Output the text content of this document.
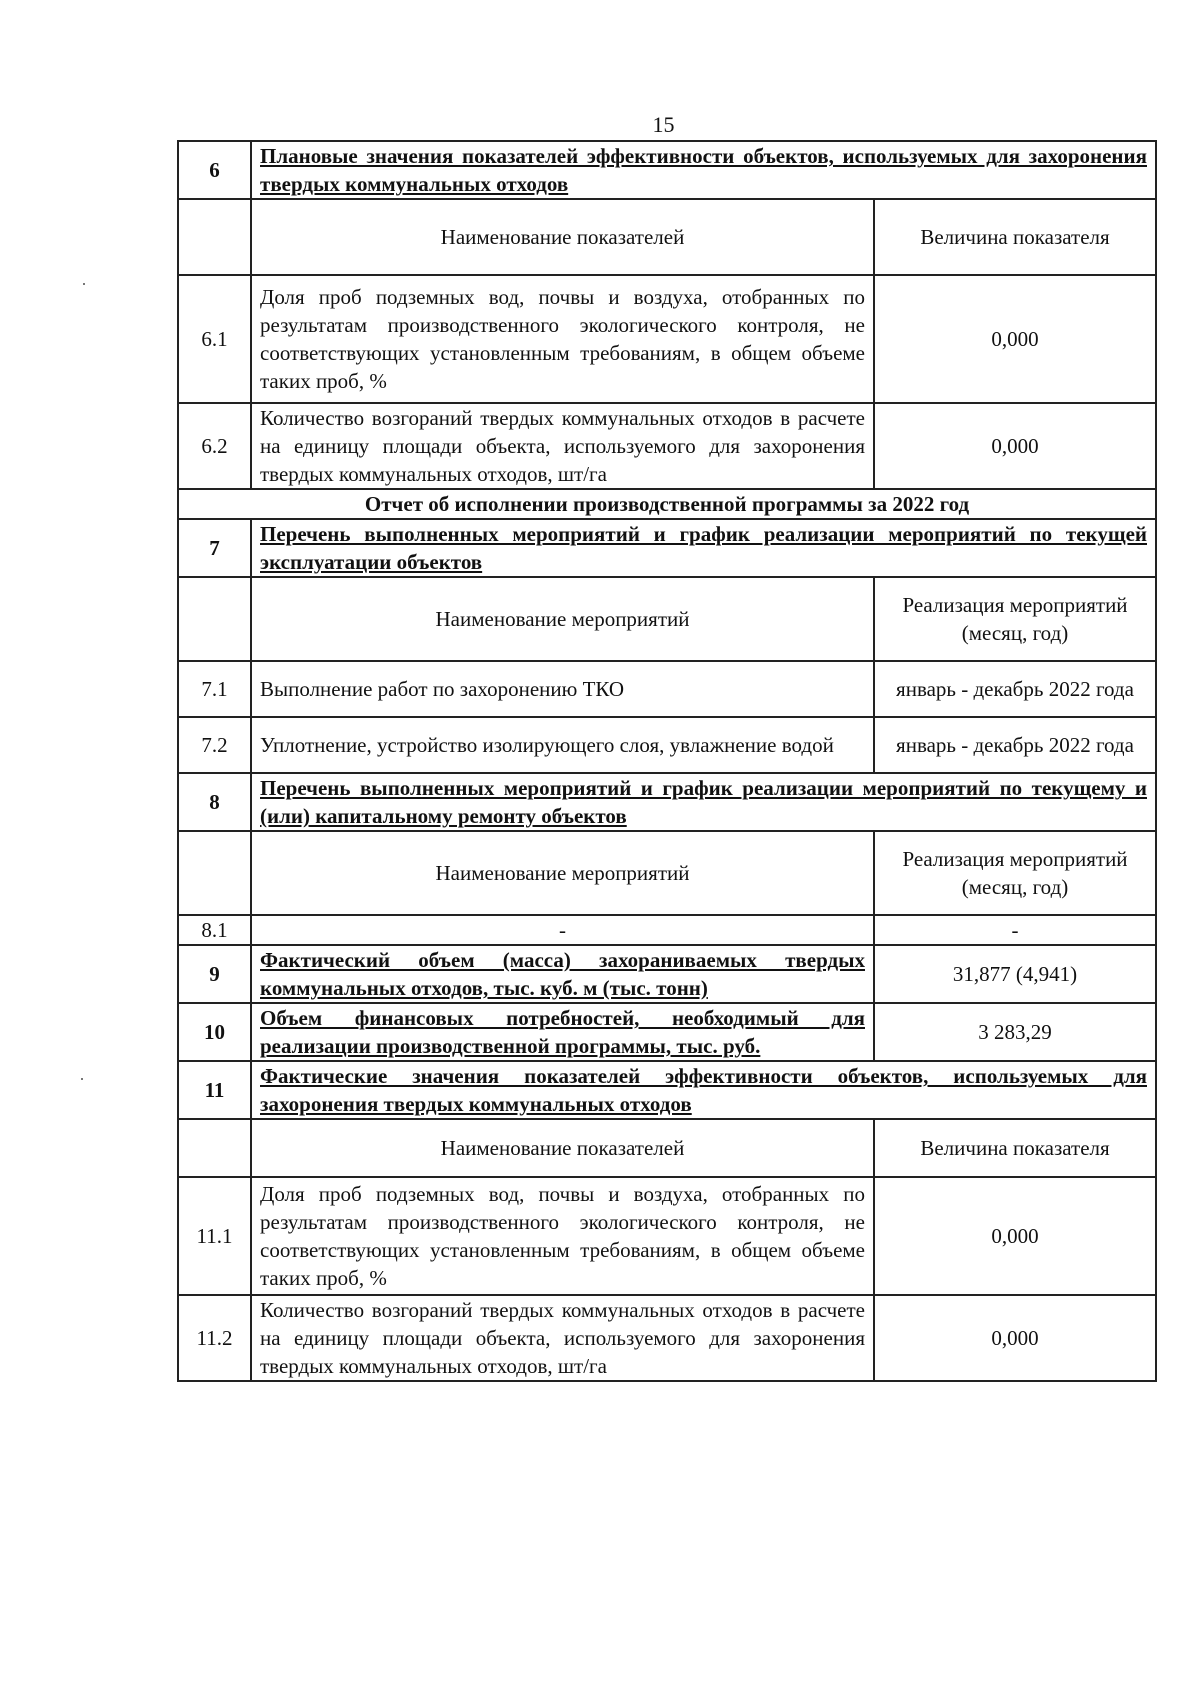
15
6	Плановые значения показателей эффективности объектов, используемых для захоронения твердых коммунальных отходов	
	Наименование показателей	Величина показателя
6.1	Доля проб подземных вод, почвы и воздуха, отобранных по результатам производственного экологического контроля, не соответствующих установленным требованиям, в общем объеме таких проб, %	0,000
6.2	Количество возгораний твердых коммунальных отходов в расчете на единицу площади объекта, используемого для захоронения твердых коммунальных отходов, шт/га	0,000
Отчет об исполнении производственной программы за 2022 год		
7	Перечень выполненных мероприятий и график реализации мероприятий по текущей эксплуатации объектов	
	Наименование мероприятий	Реализация мероприятий (месяц, год)
7.1	Выполнение работ по захоронению ТКО	январь - декабрь 2022 года
7.2	Уплотнение, устройство изолирующего слоя, увлажнение водой	январь - декабрь 2022 года
8	Перечень выполненных мероприятий и график реализации мероприятий по текущему и (или) капитальному ремонту объектов	
	Наименование мероприятий	Реализация мероприятий (месяц, год)
8.1	-	-
9	Фактический объем (масса) захораниваемых твердых коммунальных отходов, тыс. куб. м (тыс. тонн)	31,877 (4,941)
10	Объем финансовых потребностей, необходимый для реализации производственной программы, тыс. руб.	3 283,29
11	Фактические значения показателей эффективности объектов, используемых для захоронения твердых коммунальных отходов	
	Наименование показателей	Величина показателя
11.1	Доля проб подземных вод, почвы и воздуха, отобранных по результатам производственного экологического контроля, не соответствующих установленным требованиям, в общем объеме таких проб, %	0,000
11.2	Количество возгораний твердых коммунальных отходов в расчете на единицу площади объекта, используемого для захоронения твердых коммунальных отходов, шт/га	0,000
